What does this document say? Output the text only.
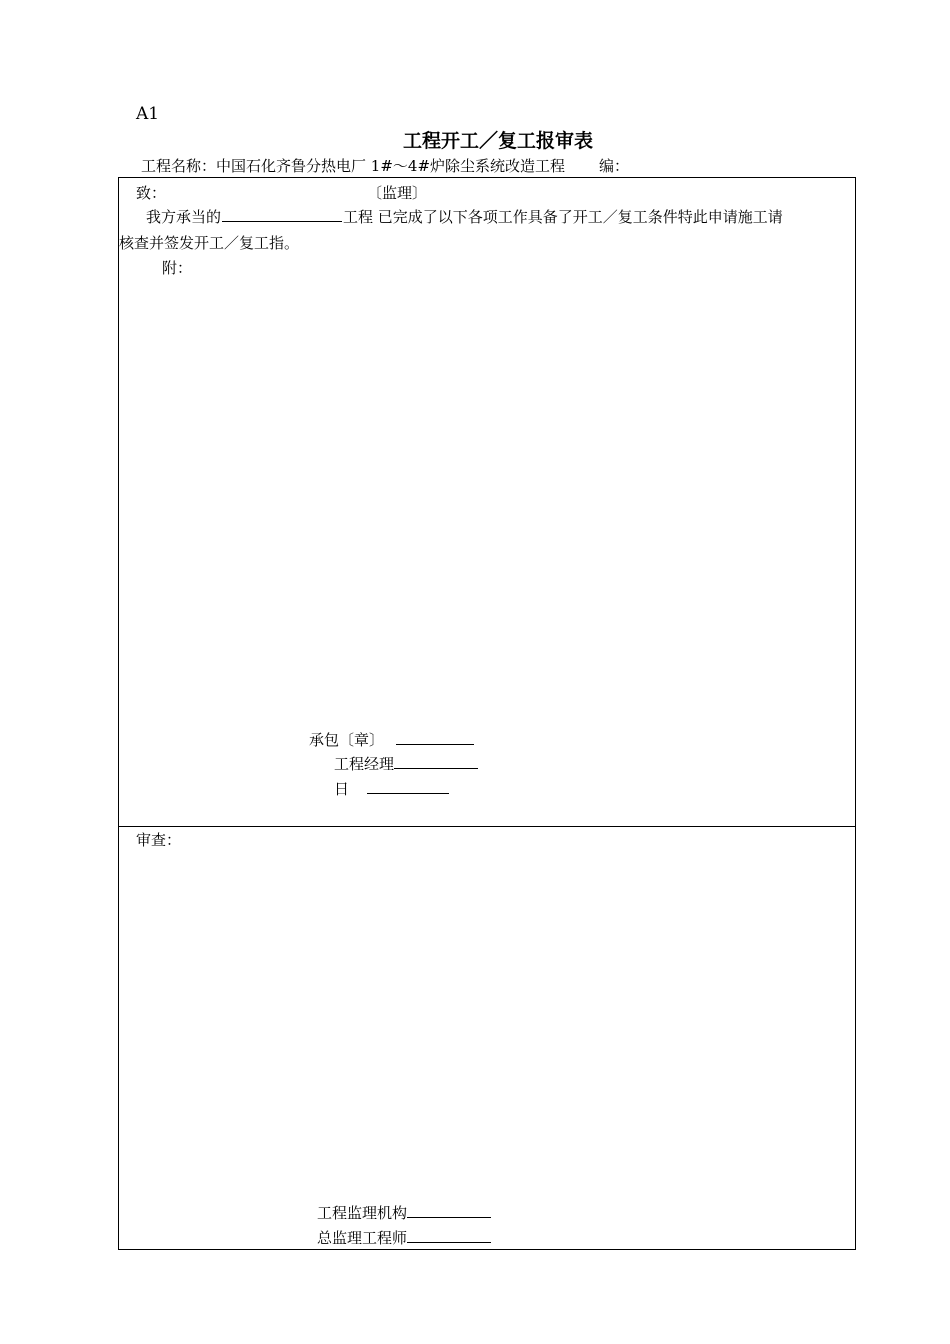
A1
工程开工／复工报审表
工程名称：中国石化齐鲁分热电厂 1#～4#炉除尘系统改造工程 编：
致：	〔监理〕
我方承当的	工程 已完成了以下各项工作具备了开工／复工条件特此申请施工请
核查并签发开工／复工指。
附：
承包〔章〕
工程经理
日
审查：
工程监理机构
总监理工程师
